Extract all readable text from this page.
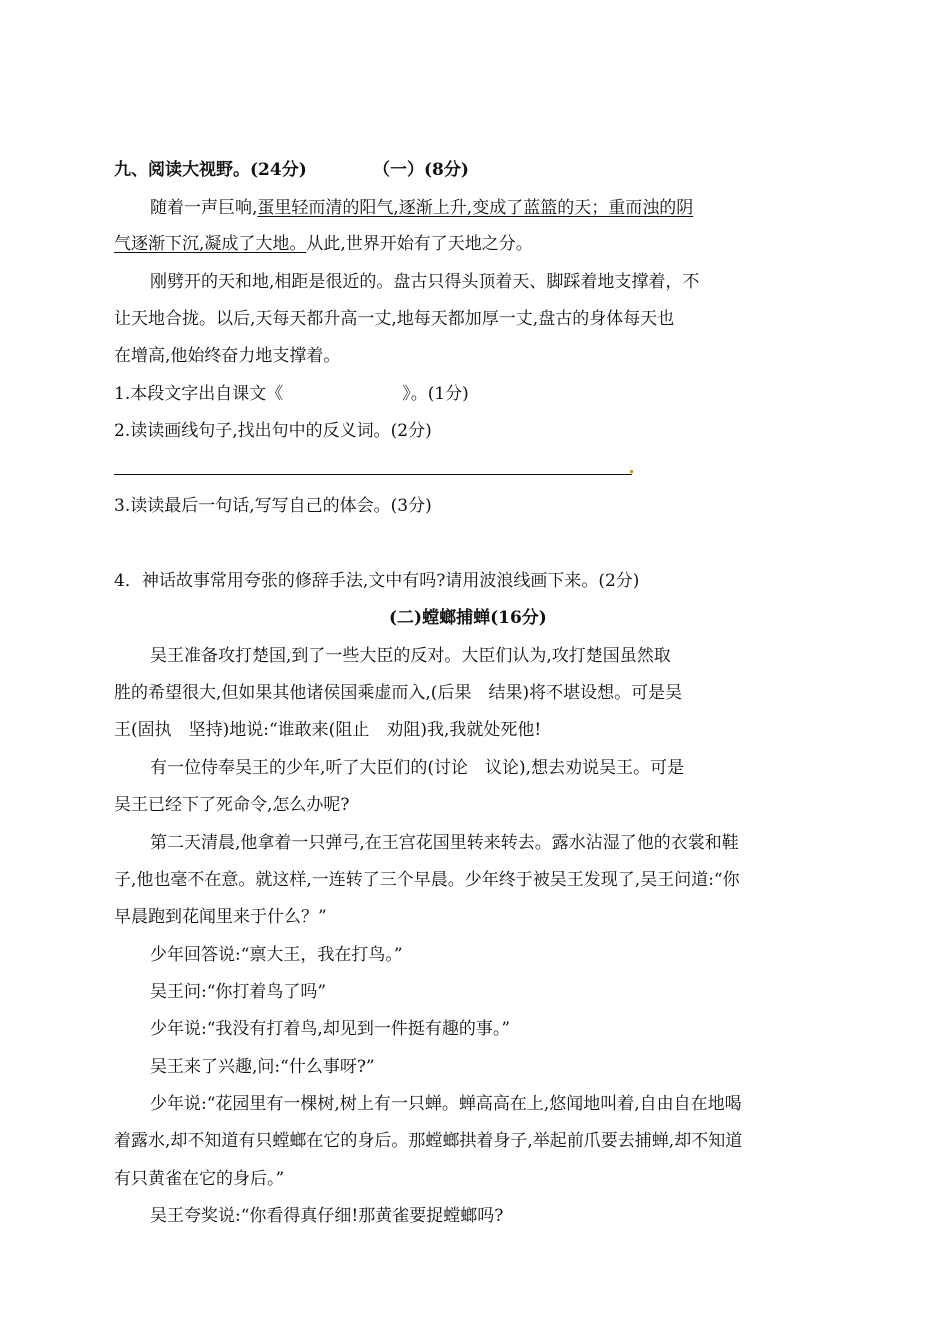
九、阅读大视野。(24分)	（一）(8分)
随着一声巨响,蛋里轻而清的阳气,逐渐上升,变成了蓝篮的天；重而浊的阴
气逐渐下沉,凝成了大地。从此,世界开始有了天地之分。
刚劈开的天和地,相距是很近的。盘古只得头顶着天、脚踩着地支撑着，不
让天地合拢。以后,天每天都升高一丈,地每天都加厚一丈,盘古的身体每天也
在增高,他始终奋力地支撑着。
1.本段文字出自课文《　　　　　　　》。(1分)
2.读读画线句子,找出句中的反义词。(2分)
3.读读最后一句话,写写自己的体会。(3分)
4．神话故事常用夸张的修辞手法,文中有吗?请用波浪线画下来。(2分)
(二)螳螂捕蝉(16分)
吴王准备攻打楚国,到了一些大臣的反对。大臣们认为,攻打楚国虽然取
胜的希望很大,但如果其他诸侯国乘虚而入,(后果　结果)将不堪设想。可是吴
王(固执　坚持)地说:“谁敢来(阻止　劝阻)我,我就处死他!
有一位侍奉吴王的少年,听了大臣们的(讨论　议论),想去劝说吴王。可是
吴王已经下了死命令,怎么办呢?
第二天清晨,他拿着一只弹弓,在王宫花国里转来转去。露水沾湿了他的衣裳和鞋
子,他也毫不在意。就这样,一连转了三个早晨。少年终于被吴王发现了,吴王问道:“你
早晨跑到花闻里来于什么？”
少年回答说:“禀大王，我在打鸟。”
吴王问:“你打着鸟了吗”
少年说:“我没有打着鸟,却见到一件挺有趣的事。”
吴王来了兴趣,问:“什么事呀?”
少年说:“花园里有一棵树,树上有一只蝉。蝉高高在上,悠闻地叫着,自由自在地喝
着露水,却不知道有只螳螂在它的身后。那螳螂拱着身子,举起前爪要去捕蝉,却不知道
有只黄雀在它的身后。”
吴王夸奖说:“你看得真仔细!那黄雀要捉螳螂吗?
